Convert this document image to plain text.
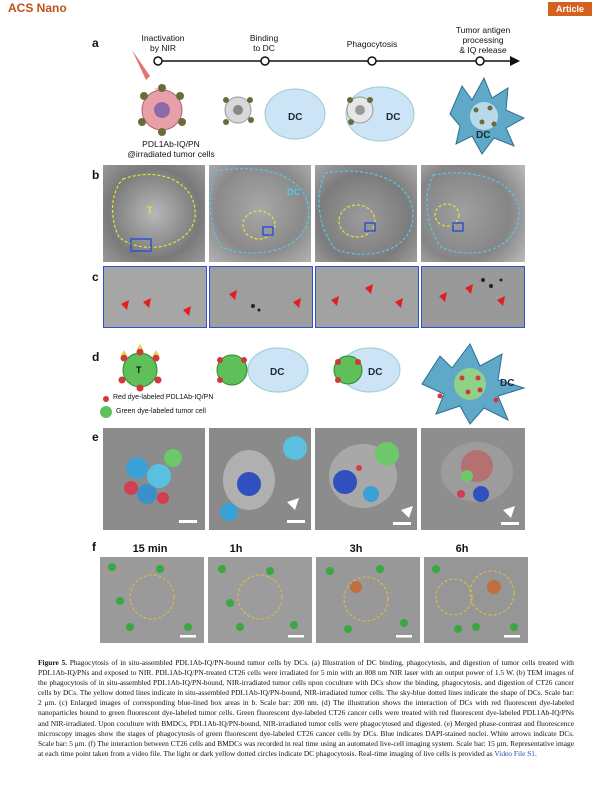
ACS Nano	Article
a
DC	DC
DC
Inactivation
by NIR
Binding
to DC	Phagocytosis
Tumor antigen
processing
& IQ release
PDL1Ab-IQ/PN
@irradiated tumor cells
b
T
DC
c
d
DC	DC
DC
T
Red dye-labeled PDL1Ab-IQ/PN
Green dye-labeled tumor cell
e
f	15 min	1h	3h	6h
Figure 5. Phagocytosis of in situ-assembled PDL1Ab-IQ/PN-bound tumor cells by DCs. (a) Illustration of DC binding, phagocytosis, and digestion of tumor cells treated with PDL1Ab-IQ/PNs and exposed to NIR. PDL1Ab-IQ/PN-treated CT26 cells were irradiated for 5 min with an 808 nm NIR laser with an output power of 1.5 W. (b) TEM images of the phagocytosis of in situ-assembled PDL1Ab-IQ/PN-bound, NIR-irradiated tumor cells upon coculture with DCs show the binding, phagocytosis, and digestion of CT26 cancer cells by DCs. The yellow dotted lines indicate in situ-assembled PDL1Ab-IQ/PN-bound, NIR-irradiated tumor cells. The sky-blue dotted lines indicate the shape of DCs. Scale bar: 2 μm. (c) Enlarged images of corresponding blue-lined box areas in b. Scale bar: 200 nm. (d) The illustration shows the interaction of DCs with red fluorescent dye-labeled nanoparticles bound to green fluorescent dye-labeled tumor cells. Green fluorescent dye-labeled CT26 cancer cells were treated with red fluorescent dye-labeled PDL1Ab-IQ/PNs and NIR-irradiated. Upon coculture with BMDCs, PDL1Ab-IQ/PN-bound, NIR-irradiated tumor cells were phagocytosed and digested. (e) Merged phase-contrast and fluorescence microscopy images show the stages of phagocytosis of green fluorescent dye-labeled CT26 cancer cells by DCs. Blue indicates DAPI-stained nuclei. White arrows indicate DCs. Scale bar: 5 μm. (f) The interaction between CT26 cells and BMDCs was recorded in real time using an automated live-cell imaging system. Scale bar: 15 μm. Representative image at each time point taken from a video file. The light or dark yellow dotted circles indicate DC phagocytosis. Real-time imaging of live cells is provided as Video File S1.
